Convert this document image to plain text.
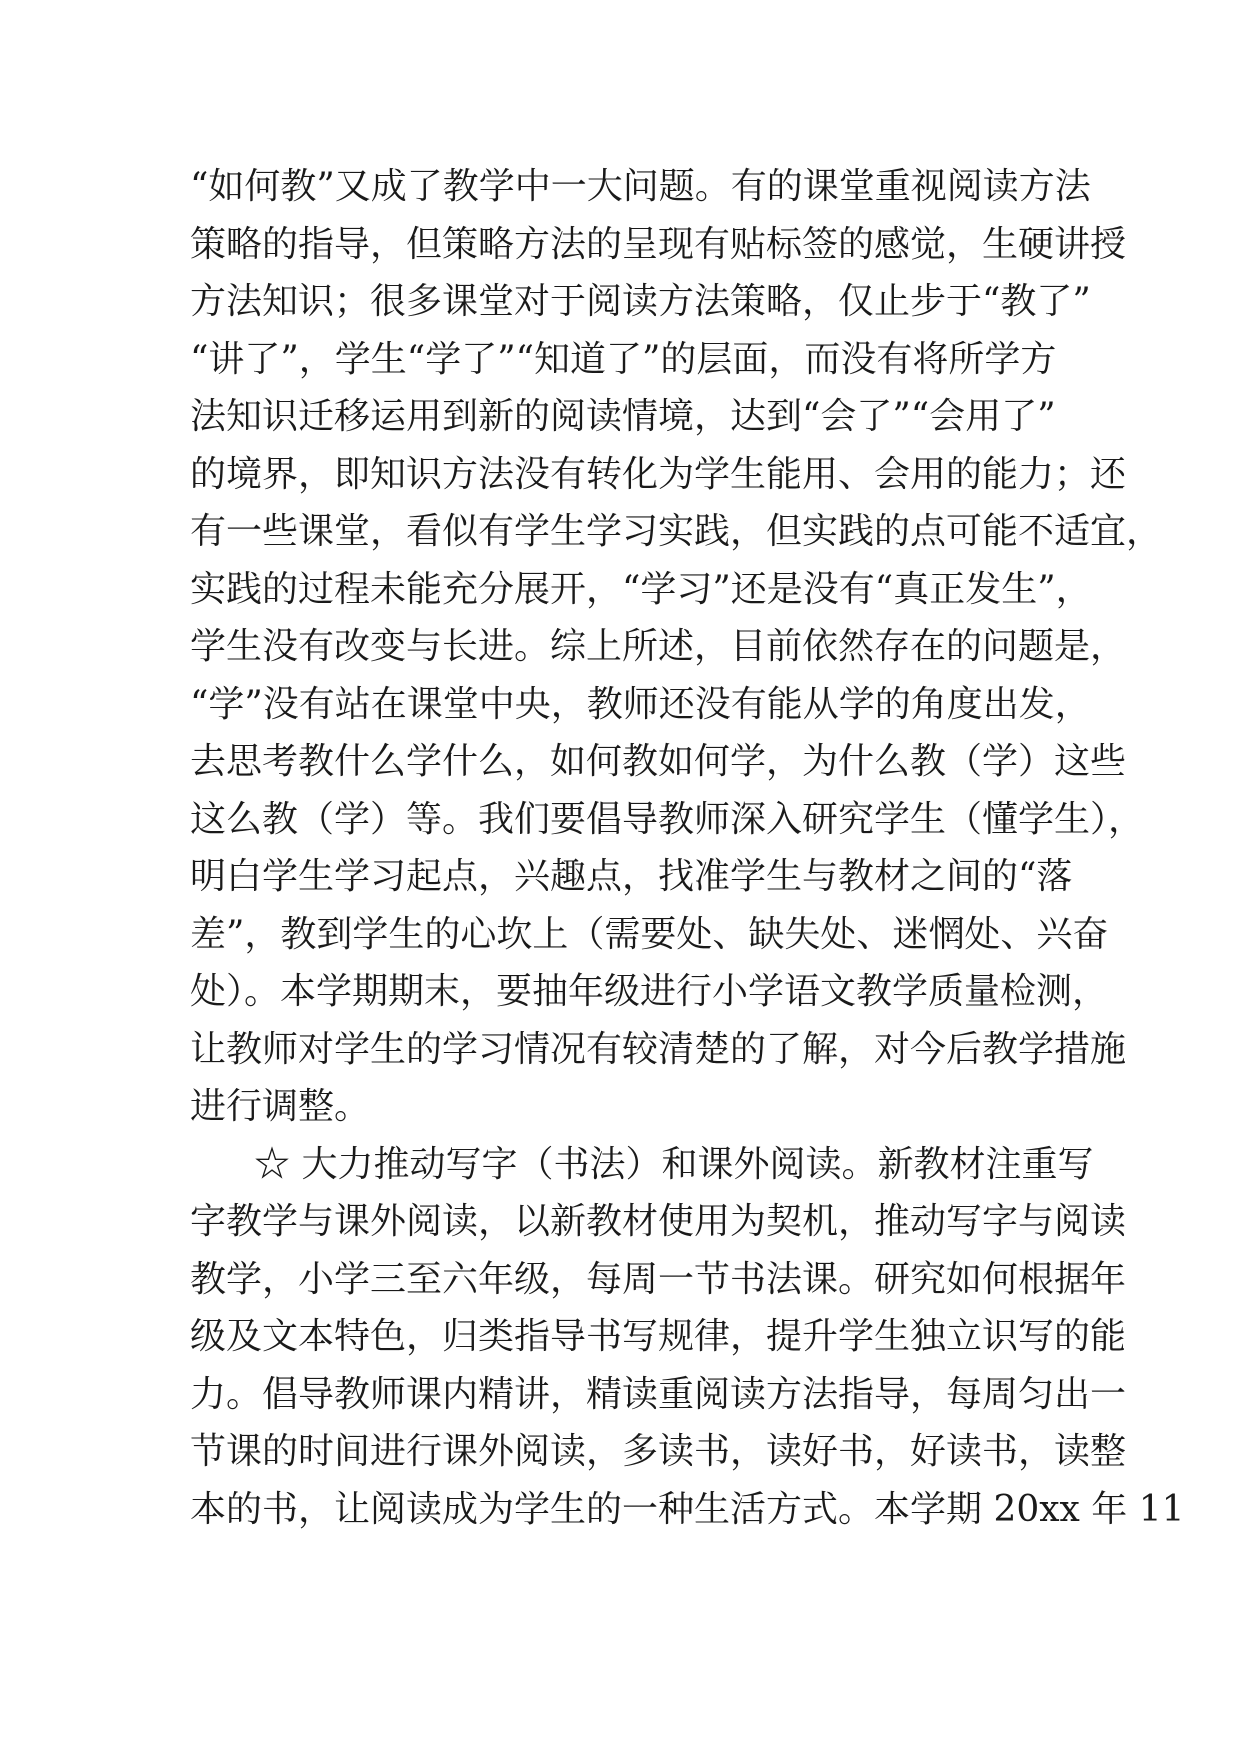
“如何教”又成了教学中一大问题。有的课堂重视阅读方法
策略的指导，但策略方法的呈现有贴标签的感觉，生硬讲授
方法知识；很多课堂对于阅读方法策略，仅止步于“教了”
“讲了”，学生“学了”“知道了”的层面，而没有将所学方
法知识迁移运用到新的阅读情境，达到“会了”“会用了”
的境界，即知识方法没有转化为学生能用、会用的能力；还
有一些课堂，看似有学生学习实践，但实践的点可能不适宜，
实践的过程未能充分展开，“学习”还是没有“真正发生”，
学生没有改变与长进。综上所述，目前依然存在的问题是，
“学”没有站在课堂中央，教师还没有能从学的角度出发，
去思考教什么学什么，如何教如何学，为什么教（学）这些
这么教（学）等。我们要倡导教师深入研究学生（懂学生），
明白学生学习起点，兴趣点，找准学生与教材之间的“落
差”，教到学生的心坎上（需要处、缺失处、迷惘处、兴奋
处）。本学期期末，要抽年级进行小学语文教学质量检测，
让教师对学生的学习情况有较清楚的了解，对今后教学措施
进行调整。
☆ 大力推动写字（书法）和课外阅读。新教材注重写
字教学与课外阅读，以新教材使用为契机，推动写字与阅读
教学，小学三至六年级，每周一节书法课。研究如何根据年
级及文本特色，归类指导书写规律，提升学生独立识写的能
力。倡导教师课内精讲，精读重阅读方法指导，每周匀出一
节课的时间进行课外阅读，多读书，读好书，好读书，读整
本的书，让阅读成为学生的一种生活方式。本学期 20xx 年 11
